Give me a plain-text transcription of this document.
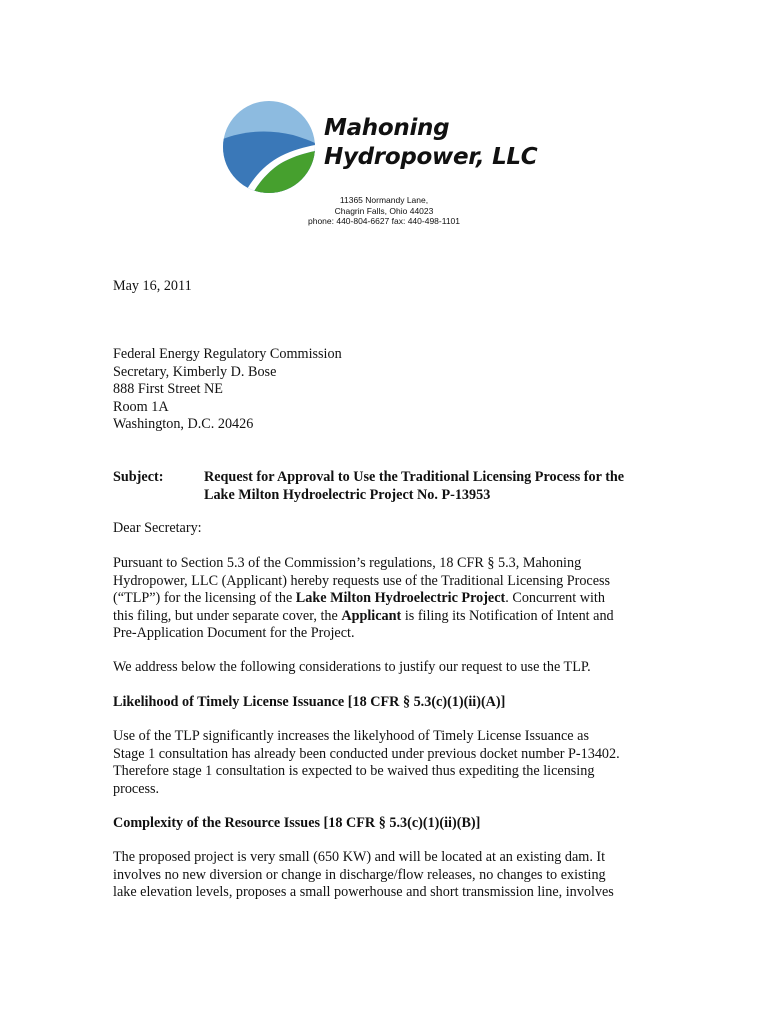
Mahoning
Hydropower, LLC
11365 Normandy Lane,
Chagrin Falls, Ohio 44023
phone: 440-804-6627 fax: 440-498-1101
May 16, 2011
Federal Energy Regulatory Commission
Secretary, Kimberly D. Bose
888 First Street NE
Room 1A
Washington, D.C. 20426
Subject:	Request for Approval to Use the Traditional Licensing Process for the
Lake Milton Hydroelectric Project No. P-13953
Dear Secretary:
Pursuant to Section 5.3 of the Commission’s regulations, 18 CFR § 5.3, Mahoning
Hydropower, LLC (Applicant) hereby requests use of the Traditional Licensing Process
(“TLP”) for the licensing of the Lake Milton Hydroelectric Project. Concurrent with
this filing, but under separate cover, the Applicant is filing its Notification of Intent and
Pre-Application Document for the Project.
We address below the following considerations to justify our request to use the TLP.
Likelihood of Timely License Issuance [18 CFR § 5.3(c)(1)(ii)(A)]
Use of the TLP significantly increases the likelyhood of Timely License Issuance as
Stage 1 consultation has already been conducted under previous docket number P-13402.
Therefore stage 1 consultation is expected to be waived thus expediting the licensing
process.
Complexity of the Resource Issues [18 CFR § 5.3(c)(1)(ii)(B)]
The proposed project is very small (650 KW) and will be located at an existing dam. It
involves no new diversion or change in discharge/flow releases, no changes to existing
lake elevation levels, proposes a small powerhouse and short transmission line, involves
